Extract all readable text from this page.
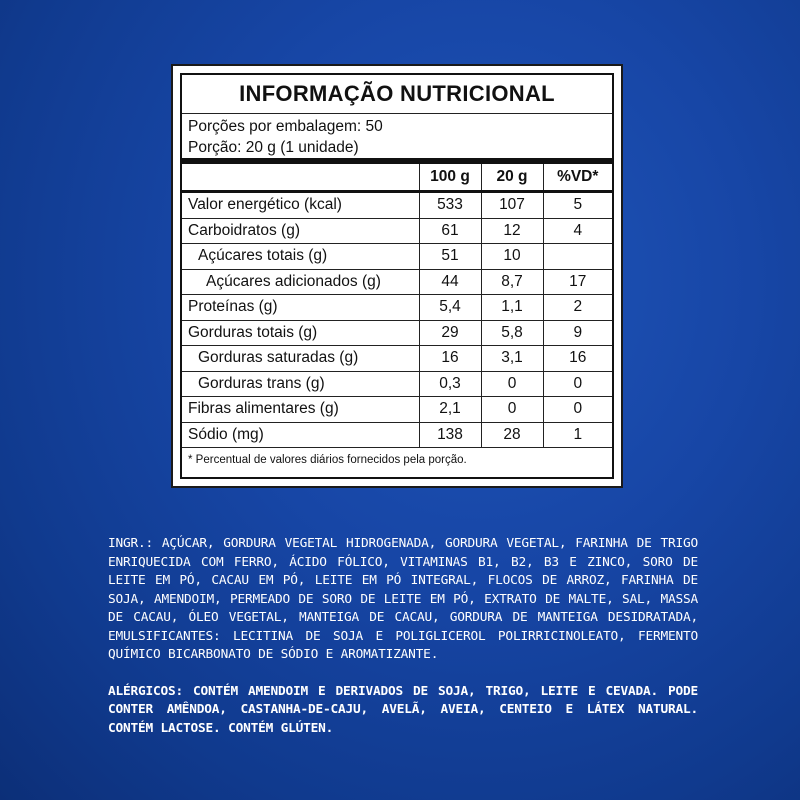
INFORMAÇÃO NUTRICIONAL
Porções por embalagem: 50
Porção: 20 g (1 unidade)
	100 g	20 g	%VD*
Valor energético (kcal)	533	107	5
Carboidratos (g)	61	12	4
Açúcares totais (g)	51	10	
Açúcares adicionados (g)	44	8,7	17
Proteínas (g)	5,4	1,1	2
Gorduras totais (g)	29	5,8	9
Gorduras saturadas (g)	16	3,1	16
Gorduras trans (g)	0,3	0	0
Fibras alimentares (g)	2,1	0	0
Sódio (mg)	138	28	1
* Percentual de valores diários fornecidos pela porção.

INGR.: AÇÚCAR, GORDURA VEGETAL HIDROGENADA, GORDURA VEGETAL, FARINHA DE TRIGO ENRIQUECIDA COM FERRO, ÁCIDO FÓLICO, VITAMINAS B1, B2, B3 E ZINCO, SORO DE LEITE EM PÓ, CACAU EM PÓ, LEITE EM PÓ INTEGRAL, FLOCOS DE ARROZ, FARINHA DE SOJA, AMENDOIM, PERMEADO DE SORO DE LEITE EM PÓ, EXTRATO DE MALTE, SAL, MASSA DE CACAU, ÓLEO VEGETAL, MANTEIGA DE CACAU, GORDURA DE MANTEIGA DESIDRATADA, EMULSIFICANTES: LECITINA DE SOJA E POLIGLICEROL POLIRRICINOLEATO, FERMENTO QUÍMICO BICARBONATO DE SÓDIO E AROMATIZANTE.

ALÉRGICOS: CONTÉM AMENDOIM E DERIVADOS DE SOJA, TRIGO, LEITE E CEVADA. PODE CONTER AMÊNDOA, CASTANHA-DE-CAJU, AVELÃ, AVEIA, CENTEIO E LÁTEX NATURAL. CONTÉM LACTOSE. CONTÉM GLÚTEN.
